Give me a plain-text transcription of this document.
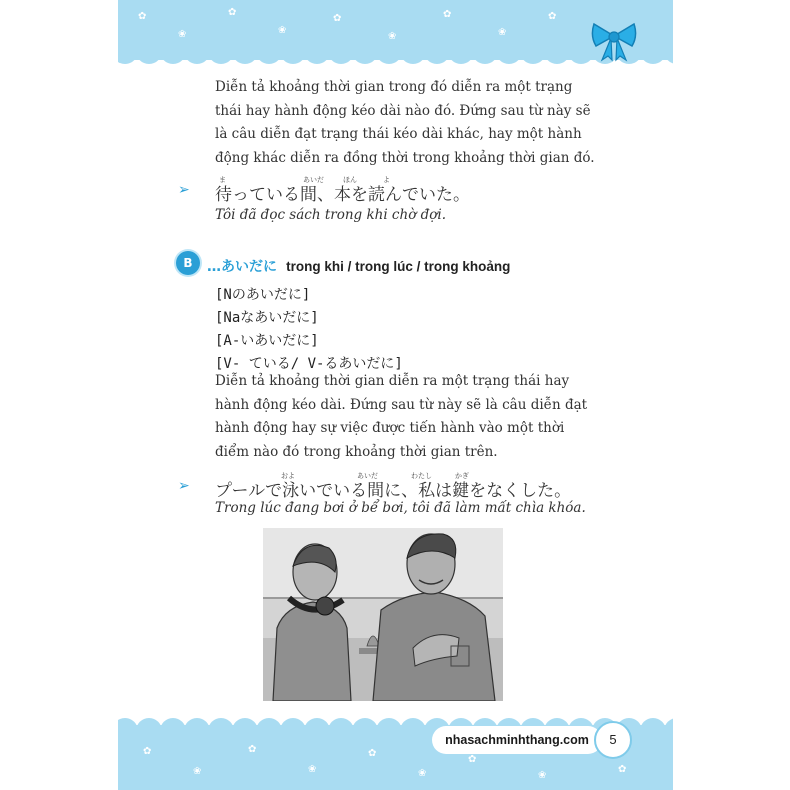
✿
❀
✿
❀
✿
❀
✿
❀
✿

Diễn tả khoảng thời gian trong đó diễn ra một trạng thái hay hành động kéo dài nào đó. Đứng sau từ này sẽ là câu diễn đạt trạng thái kéo dài khác, hay một hành động khác diễn ra đồng thời trong khoảng thời gian đó.

➢
ま	あいだ	ほん	よ
待っている間、本を読んでいた。
Tôi đã đọc sách trong khi chờ đợi.
B	…あいだに trong khi / trong lúc / trong khoảng
[Nのあいだに]
[Naなあいだに]
[A-いあいだに]
[V- ている/ V-るあいだに]

Diễn tả khoảng thời gian diễn ra một trạng thái hay hành động kéo dài. Đứng sau từ này sẽ là câu diễn đạt hành động hay sự việc được tiến hành vào một thời điểm nào đó trong khoảng thời gian trên.

➢
およ	あいだ	わたし	かぎ
プールで泳いでいる間に、私は鍵をなくした。
Trong lúc đang bơi ở bể bơi, tôi đã làm mất chìa khóa.
✿
❀
✿
❀
✿
❀
✿
❀
✿
nhasachminhthang.com	5
